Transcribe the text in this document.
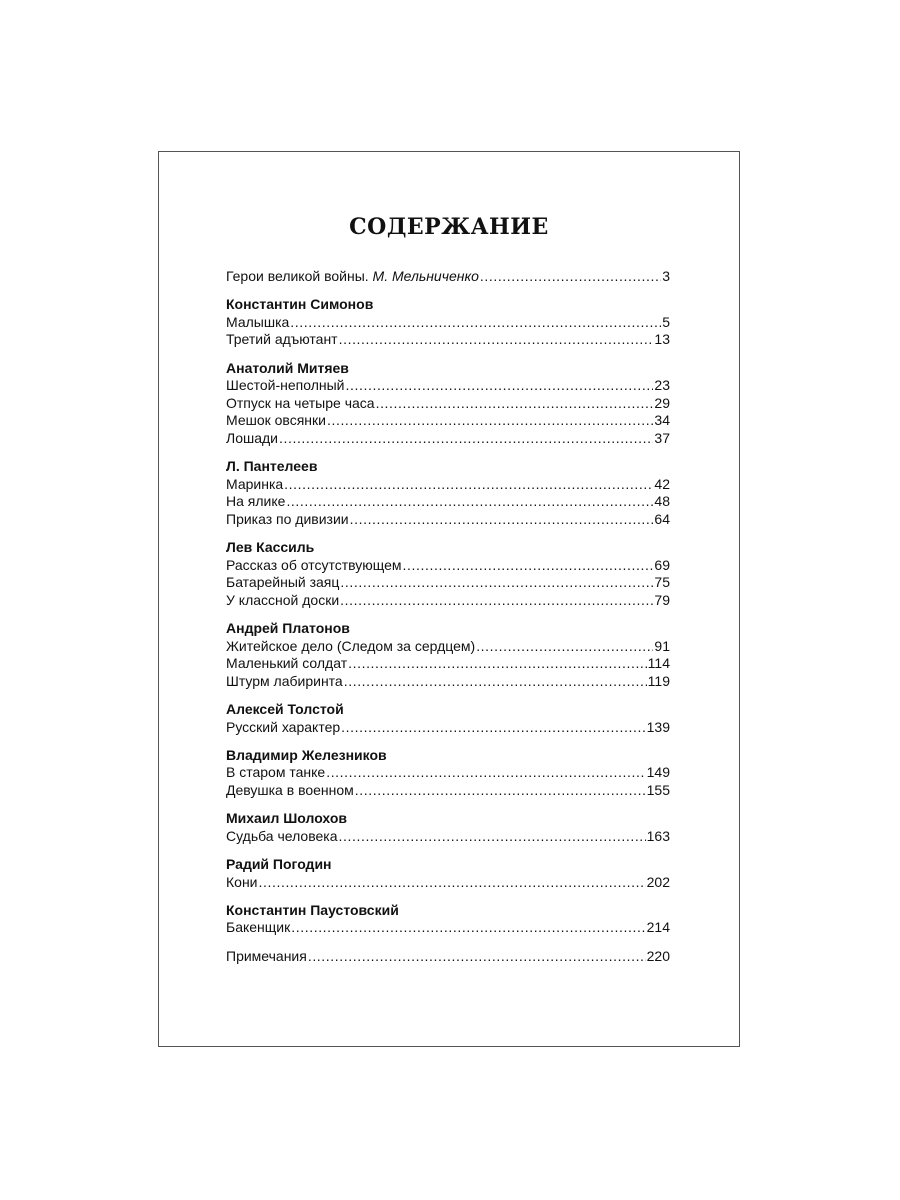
СОДЕРЖАНИЕ
Герои великой войны. М. Мельниченко .....	3
Константин Симонов
Малышка .....	5
Третий адъютант .....	13
Анатолий Митяев
Шестой-неполный .....	23
Отпуск на четыре часа .....	29
Мешок овсянки .....	34
Лошади .....	37
Л. Пантелеев
Маринка .....	42
На ялике .....	48
Приказ по дивизии .....	64
Лев Кассиль
Рассказ об отсутствующем .....	69
Батарейный заяц .....	75
У классной доски .....	79
Андрей Платонов
Житейское дело (Следом за сердцем) .....	91
Маленький солдат .....	114
Штурм лабиринта .....	119
Алексей Толстой
Русский характер .....	139
Владимир Железников
В старом танке .....	149
Девушка в военном .....	155
Михаил Шолохов
Судьба человека .....	163
Радий Погодин
Кони .....	202
Константин Паустовский
Бакенщик .....	214
Примечания .....	220
